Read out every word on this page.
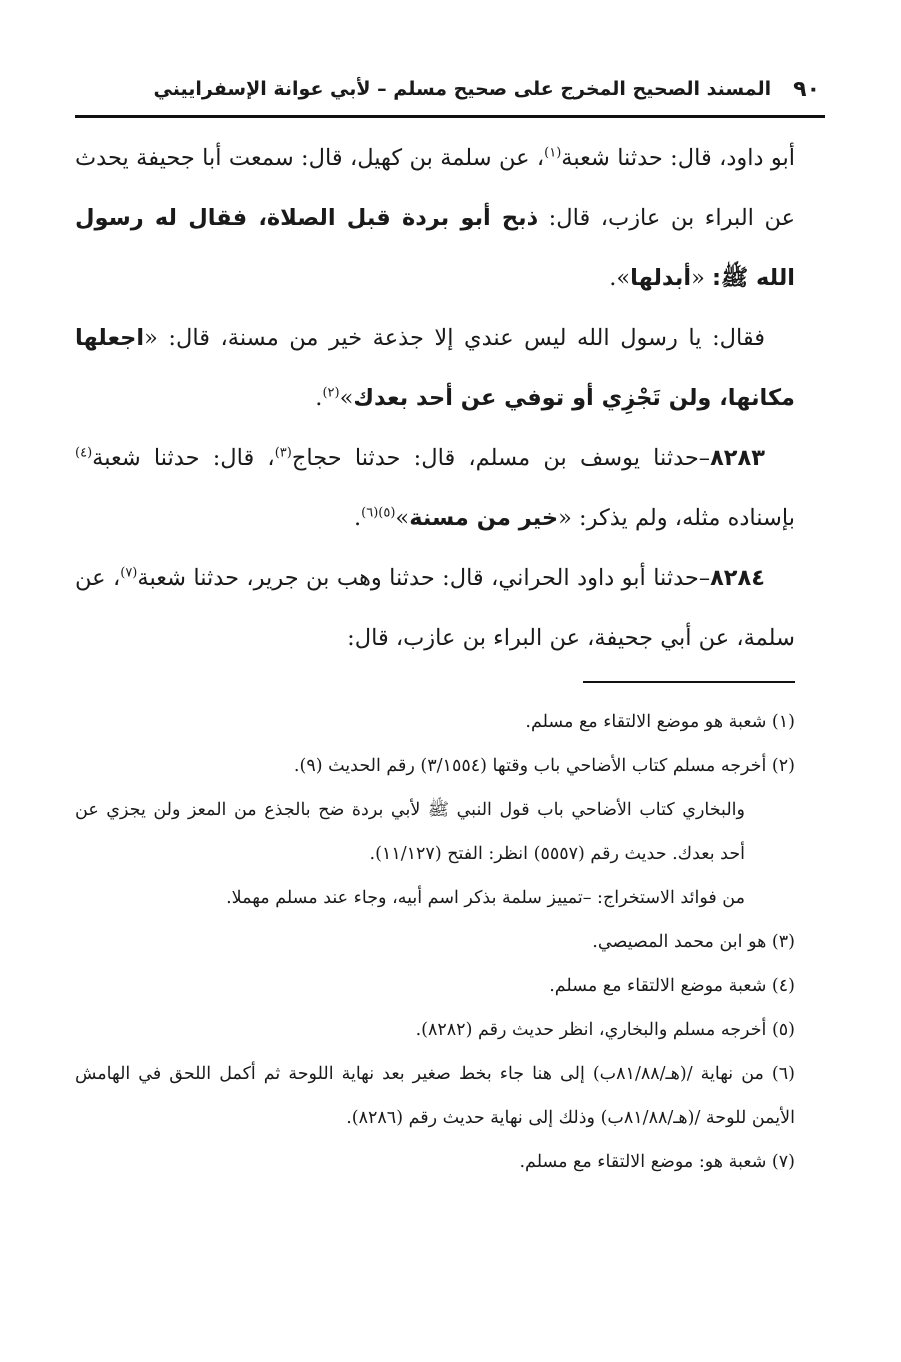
٩٠
المسند الصحيح المخرج على صحيح مسلم – لأبي عوانة الإسفراييني

أبو داود، قال: حدثنا شعبة$^{(١)}$، عن سلمة بن كهيل، قال: سمعت أبا جحيفة يحدث عن البراء بن عازب، قال: ذبح أبو بردة قبل الصلاة، فقال له رسول الله ﷺ: «أبدلها».

فقال: يا رسول الله ليس عندي إلا جذعة خير من مسنة، قال: «اجعلها مكانها، ولن تَجْزِي أو توفي عن أحد بعدك»$^{(٢)}$.

٨٢٨٣–حدثنا يوسف بن مسلم، قال: حدثنا حجاج$^{(٣)}$، قال: حدثنا شعبة$^{(٤)}$ بإسناده مثله، ولم يذكر: «خير من مسنة»$^{(٥)(٦)}$.

٨٢٨٤–حدثنا أبو داود الحراني، قال: حدثنا وهب بن جرير، حدثنا شعبة$^{(٧)}$، عن سلمة، عن أبي جحيفة، عن البراء بن عازب، قال:

(١) شعبة هو موضع الالتقاء مع مسلم.

(٢) أخرجه مسلم كتاب الأضاحي باب وقتها (٣/١٥٥٤) رقم الحديث (٩).

والبخاري كتاب الأضاحي باب قول النبي ﷺ لأبي بردة ضح بالجذع من المعز ولن يجزي عن أحد بعدك. حديث رقم (٥٥٥٧) انظر: الفتح (١١/١٢٧).

من فوائد الاستخراج: –تمييز سلمة بذكر اسم أبيه، وجاء عند مسلم مهملا.

(٣) هو ابن محمد المصيصي.

(٤) شعبة موضع الالتقاء مع مسلم.

(٥) أخرجه مسلم والبخاري، انظر حديث رقم (٨٢٨٢).

(٦) من نهاية /(هـ/٨١/٨٨ب) إلى هنا جاء بخط صغير بعد نهاية اللوحة ثم أكمل اللحق في الهامش الأيمن للوحة /(هـ/٨١/٨٨ب) وذلك إلى نهاية حديث رقم (٨٢٨٦).

(٧) شعبة هو: موضع الالتقاء مع مسلم.
